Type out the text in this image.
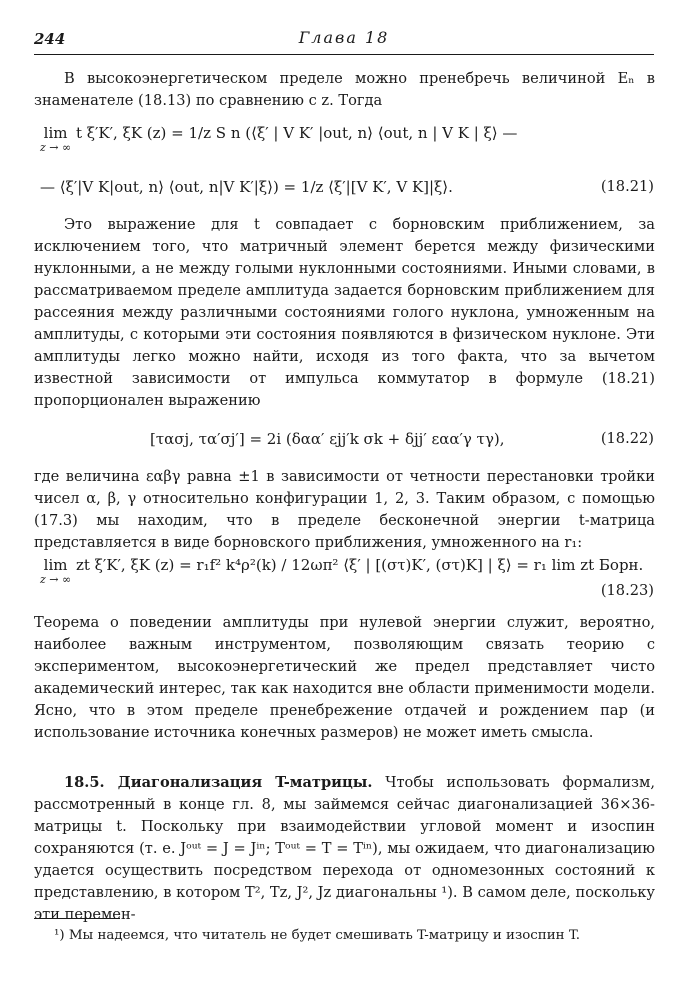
244	Глава 18

В высокоэнергетическом пределе можно пренебречь величиной Eₙ в знаменателе (18.13) по сравнению с z. Тогда

lim
z → ∞
t ξ′K′, ξK (z) = 1/z S n (⟨ξ′ | V K′ |out, n⟩ ⟨out, n | V K | ξ⟩ —
— ⟨ξ′|V K|out, n⟩ ⟨out, n|V K′|ξ⟩) = 1/z ⟨ξ′|[V K′, V K]|ξ⟩.	(18.21)

Это выражение для t совпадает с борновским приближением, за исключением того, что матричный элемент берется между физическими нуклонными, а не между голыми нуклонными состояниями. Иными словами, в рассматриваемом пределе амплитуда задается борновским приближением для рассеяния между различными состояниями голого нуклона, умноженным на амплитуды, с которыми эти состояния появляются в физическом нуклоне. Эти амплитуды легко можно найти, исходя из того факта, что за вычетом известной зависимости от импульса коммутатор в формуле (18.21) пропорционален выражению

[τασj, τα′σj′] = 2i (δαα′ εjj′k σk + δjj′ εαα′γ τγ),	(18.22)

где величина εαβγ равна ±1 в зависимости от четности перестановки тройки чисел α, β, γ относительно конфигурации 1, 2, 3. Таким образом, с помощью (17.3) мы находим, что в пределе бесконечной энергии t-матрица представляется в виде борновского приближения, умноженного на r₁:

lim
z → ∞
zt ξ′K′, ξK (z) = r₁f² k⁴ρ²(k) / 12ωπ² ⟨ξ′ | [(στ)K′, (στ)K] | ξ⟩ = r₁ lim zt Борн.
(18.23)

Теорема о поведении амплитуды при нулевой энергии служит, вероятно, наиболее важным инструментом, позволяющим связать теорию с экспериментом, высокоэнергетический же предел представляет чисто академический интерес, так как находится вне области применимости модели. Ясно, что в этом пределе пренебрежение отдачей и рождением пар (и использование источника конечных размеров) не может иметь смысла.

18.5. Диагонализация T-матрицы. Чтобы использовать формализм, рассмотренный в конце гл. 8, мы займемся сейчас диагонализацией 36×36-матрицы t. Поскольку при взаимодействии угловой момент и изоспин сохраняются (т. е. Jᵒᵘᵗ = J = Jⁱⁿ; Tᵒᵘᵗ = T = Tⁱⁿ), мы ожидаем, что диагонализацию удается осуществить посредством перехода от одномезонных состояний к представлению, в котором T², Tz, J², Jz диагональны ¹). В самом деле, поскольку эти перемен-

¹) Мы надеемся, что читатель не будет смешивать T-матрицу и изоспин T.
